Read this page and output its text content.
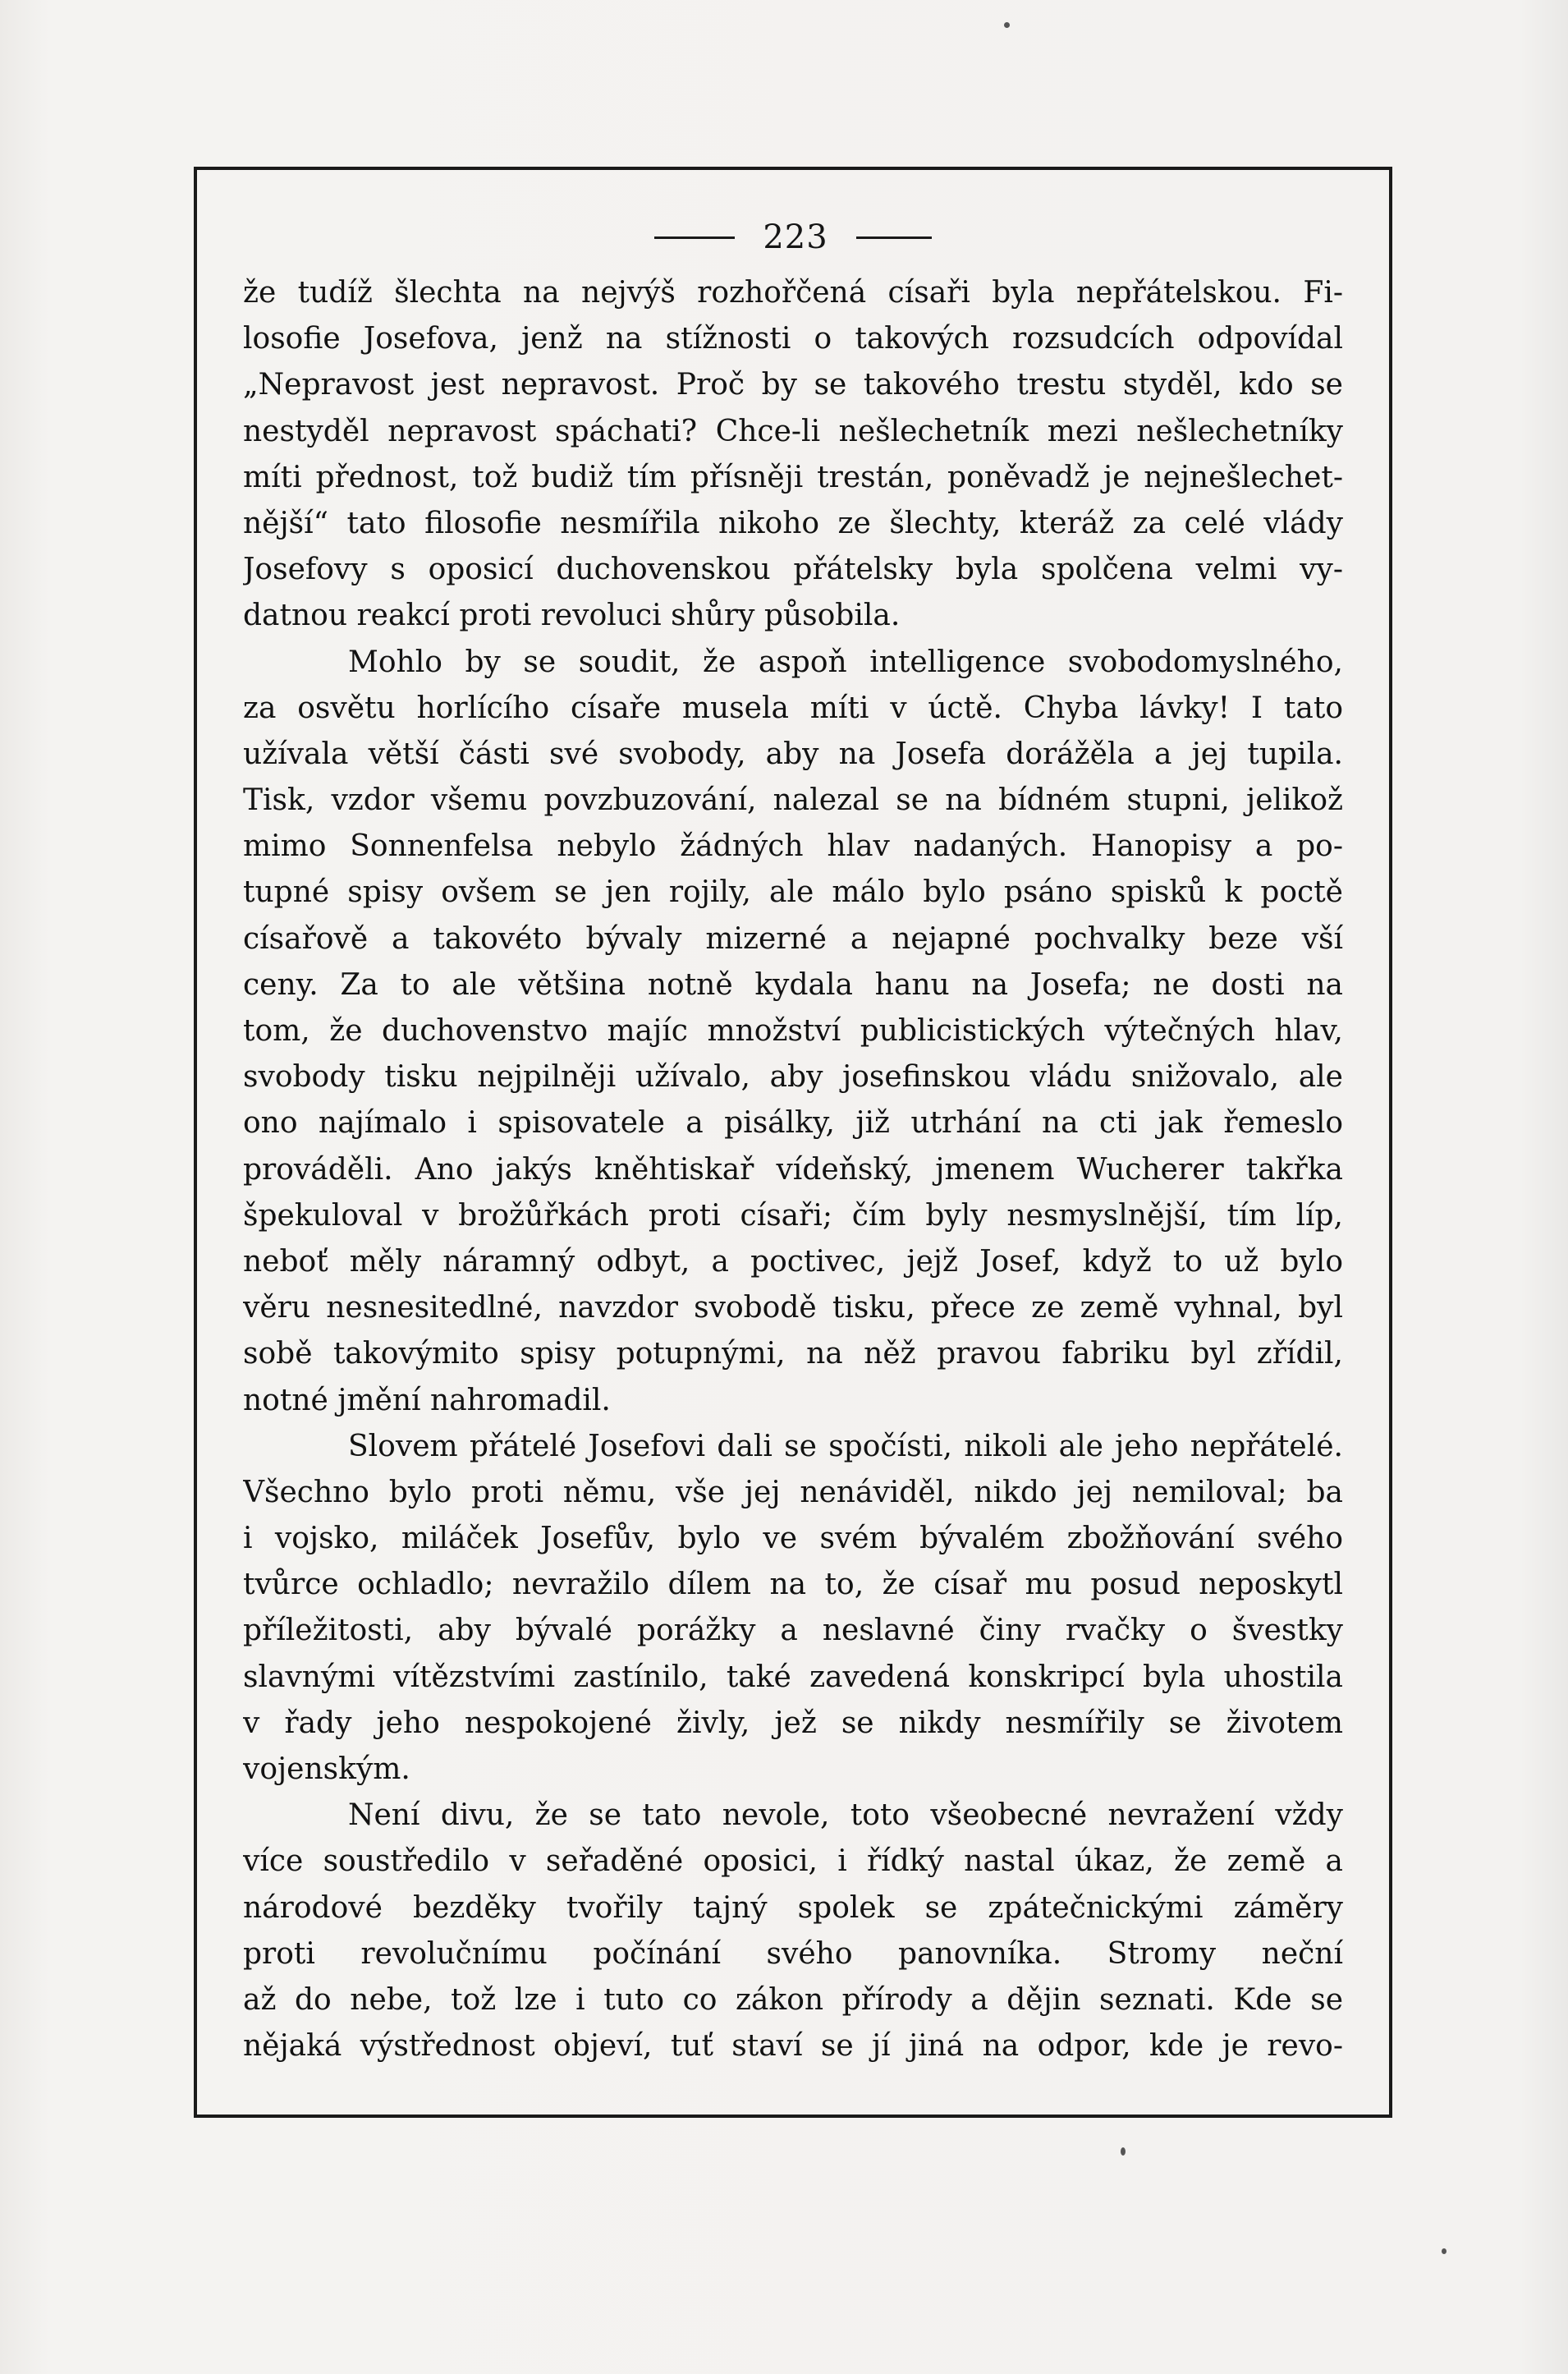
223
že tudíž šlechta na nejvýš rozhořčená císaři byla nepřátelskou. Fi-
losofie Josefova, jenž na stížnosti o takových rozsudcích odpovídal
„Nepravost jest nepravost. Proč by se takového trestu styděl, kdo se
nestyděl nepravost spáchati? Chce-li nešlechetník mezi nešlechetníky
míti přednost, tož budiž tím přísněji trestán, poněvadž je nejnešlechet-
nější“ tato filosofie nesmířila nikoho ze šlechty, kteráž za celé vlády
Josefovy s oposicí duchovenskou přátelsky byla spolčena velmi vy-
datnou reakcí proti revoluci shůry působila.
Mohlo by se soudit, že aspoň intelligence svobodomyslného,
za osvětu horlícího císaře musela míti v úctě. Chyba lávky! I tato
užívala větší části své svobody, aby na Josefa dorážěla a jej tupila.
Tisk, vzdor všemu povzbuzování, nalezal se na bídném stupni, jelikož
mimo Sonnenfelsa nebylo žádných hlav nadaných. Hanopisy a po-
tupné spisy ovšem se jen rojily, ale málo bylo psáno spisků k poctě
císařově a takovéto bývaly mizerné a nejapné pochvalky beze vší
ceny. Za to ale většina notně kydala hanu na Josefa; ne dosti na
tom, že duchovenstvo majíc množství publicistických výtečných hlav,
svobody tisku nejpilněji užívalo, aby josefinskou vládu snižovalo, ale
ono najímalo i spisovatele a pisálky, již utrhání na cti jak řemeslo
prováděli. Ano jakýs kněhtiskař vídeňský, jmenem Wucherer takřka
špekuloval v brožůřkách proti císaři; čím byly nesmyslnější, tím líp,
neboť měly náramný odbyt, a poctivec, jejž Josef, když to už bylo
věru nesnesitedlné, navzdor svobodě tisku, přece ze země vyhnal, byl
sobě takovýmito spisy potupnými, na něž pravou fabriku byl zřídil,
notné jmění nahromadil.
Slovem přátelé Josefovi dali se spočísti, nikoli ale jeho nepřátelé.
Všechno bylo proti němu, vše jej nenáviděl, nikdo jej nemiloval; ba
i vojsko, miláček Josefův, bylo ve svém bývalém zbožňování svého
tvůrce ochladlo; nevražilo dílem na to, že císař mu posud neposkytl
příležitosti, aby bývalé porážky a neslavné činy rvačky o švestky
slavnými vítězstvími zastínilo, také zavedená konskripcí byla uhostila
v řady jeho nespokojené živly, jež se nikdy nesmířily se životem
vojenským.
Není divu, že se tato nevole, toto všeobecné nevražení vždy
více soustředilo v seřaděné oposici, i řídký nastal úkaz, že země a
národové bezděky tvořily tajný spolek se zpátečnickými záměry
proti revolučnímu počínání svého panovníka. Stromy neční
až do nebe, tož lze i tuto co zákon přírody a dějin seznati. Kde se
nějaká výstřednost objeví, tuť staví se jí jiná na odpor, kde je revo-
